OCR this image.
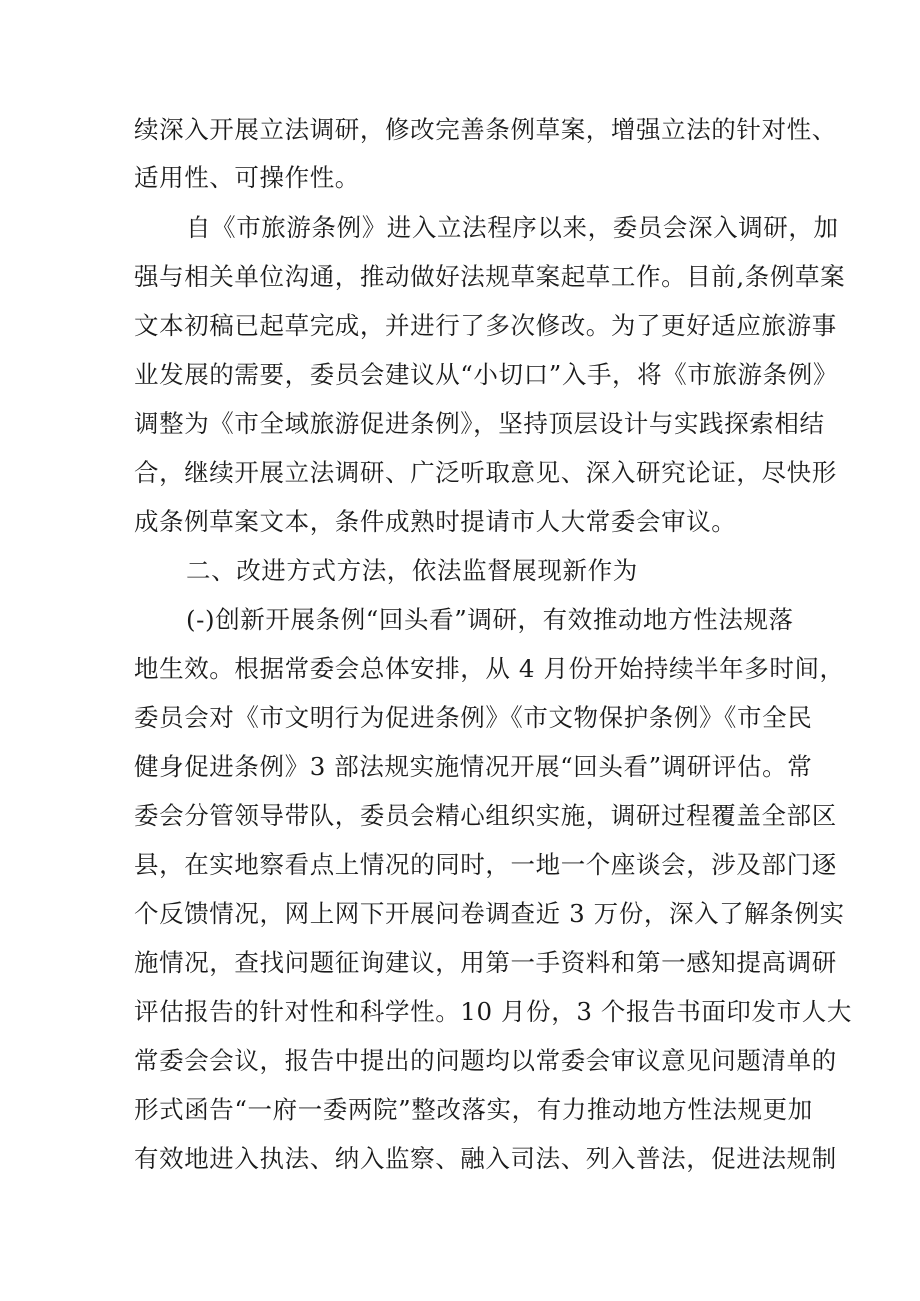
续深入开展立法调研，修改完善条例草案，增强立法的针对性、
适用性、可操作性。
自《市旅游条例》进入立法程序以来，委员会深入调研，加
强与相关单位沟通，推动做好法规草案起草工作。目前,条例草案
文本初稿已起草完成，并进行了多次修改。为了更好适应旅游事
业发展的需要，委员会建议从“小切口”入手，将《市旅游条例》
调整为《市全域旅游促进条例》，坚持顶层设计与实践探索相结
合，继续开展立法调研、广泛听取意见、深入研究论证，尽快形
成条例草案文本，条件成熟时提请市人大常委会审议。
二、改进方式方法，依法监督展现新作为
(-)创新开展条例“回头看”调研，有效推动地方性法规落
地生效。根据常委会总体安排，从 4 月份开始持续半年多时间，
委员会对《市文明行为促进条例》《市文物保护条例》《市全民
健身促进条例》3 部法规实施情况开展“回头看”调研评估。常
委会分管领导带队，委员会精心组织实施，调研过程覆盖全部区
县，在实地察看点上情况的同时，一地一个座谈会，涉及部门逐
个反馈情况，网上网下开展问卷调查近 3 万份，深入了解条例实
施情况，查找问题征询建议，用第一手资料和第一感知提高调研
评估报告的针对性和科学性。10 月份，3 个报告书面印发市人大
常委会会议，报告中提出的问题均以常委会审议意见问题清单的
形式函告“一府一委两院”整改落实，有力推动地方性法规更加
有效地进入执法、纳入监察、融入司法、列入普法，促进法规制
